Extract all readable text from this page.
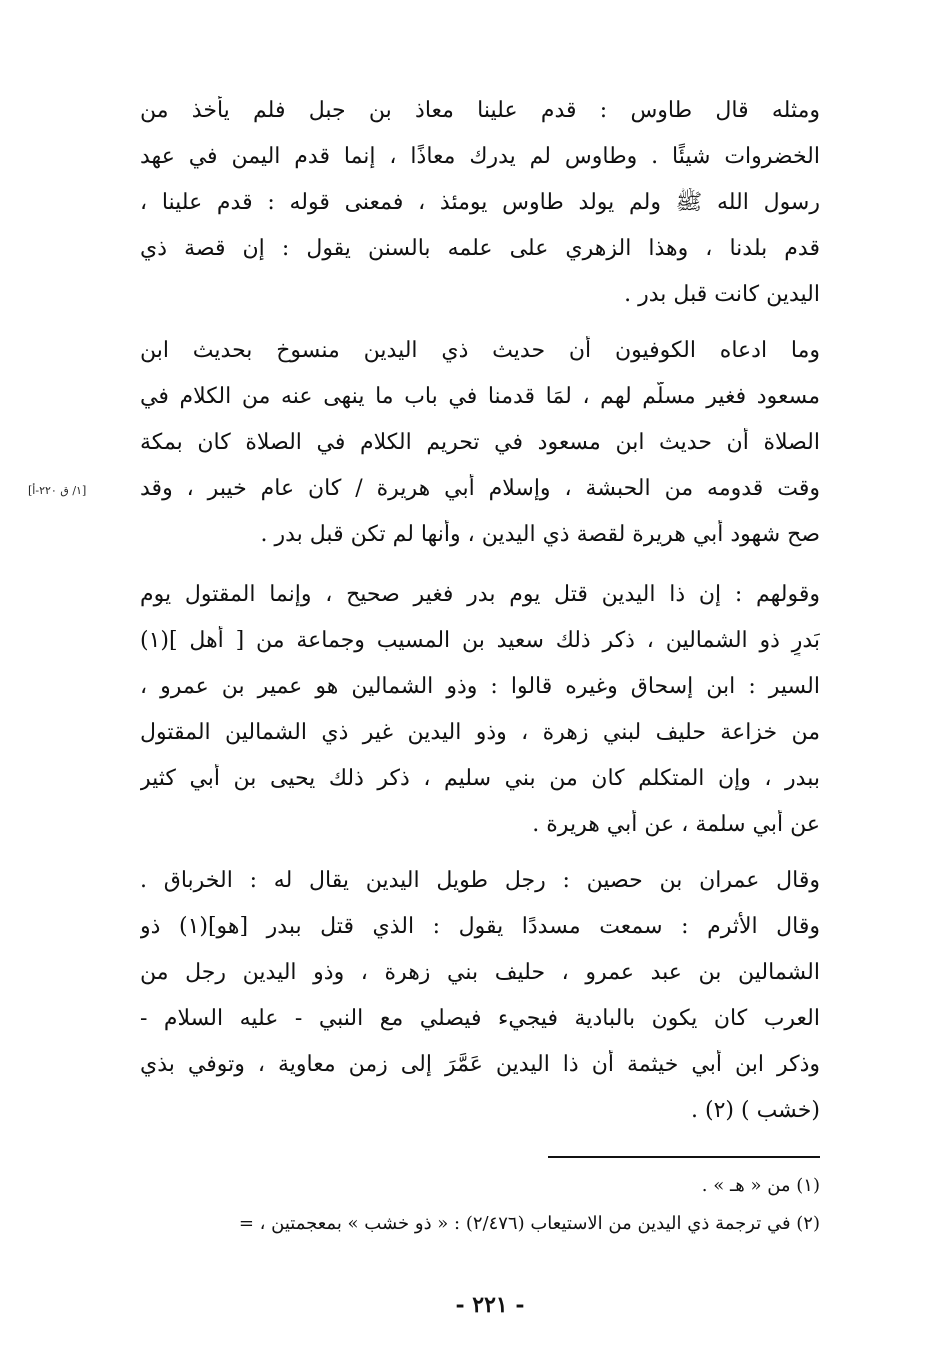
ومثله قال طاوس : قدم علينا معاذ بن جبل فلم يأخذ من
الخضروات شيئًا . وطاوس لم يدرك معاذًا ، إنما قدم اليمن في عهد
رسول الله ﷺ ولم يولد طاوس يومئذ ، فمعنى قوله : قدم علينا ،
قدم بلدنا ، وهذا الزهري على علمه بالسنن يقول : إن قصة ذي
اليدين كانت قبل بدر .
وما ادعاه الكوفيون أن حديث ذي اليدين منسوخ بحديث ابن
مسعود فغير مسلَّم لهم ، لمَا قدمنا في باب ما ينهى عنه من الكلام في
الصلاة أن حديث ابن مسعود في تحريم الكلام في الصلاة كان بمكة
وقت قدومه من الحبشة ، وإسلام أبي هريرة / كان عام خيبر ، وقد
صح شهود أبي هريرة لقصة ذي اليدين ، وأنها لم تكن قبل بدر .
[١/ ق ٢٢٠-أ]
وقولهم : إن ذا اليدين قتل يوم بدر فغير صحيح ، وإنما المقتول يوم
بَدرٍ ذو الشمالين ، ذكر ذلك سعيد بن المسيب وجماعة من [ أهل ](١)
السير : ابن إسحاق وغيره قالوا : وذو الشمالين هو عمير بن عمرو ،
من خزاعة حليف لبني زهرة ، وذو اليدين غير ذي الشمالين المقتول
ببدر ، وإن المتكلم كان من بني سليم ، ذكر ذلك يحيى بن أبي كثير
عن أبي سلمة ، عن أبي هريرة .
وقال عمران بن حصين : رجل طويل اليدين يقال له : الخرباق .
وقال الأثرم : سمعت مسددًا يقول : الذي قتل ببدر [هو](١) ذو
الشمالين بن عبد عمرو ، حليف بني زهرة ، وذو اليدين رجل من
العرب كان يكون بالبادية فيجيء فيصلي مع النبي - عليه السلام -
وذكر ابن أبي خيثمة أن ذا اليدين عَمَّرَ إلى زمن معاوية ، وتوفي بذي
(خشب ) (٢) .
(١) من « هـ » .
(٢) في ترجمة ذي اليدين من الاستيعاب (٢/٤٧٦) : « ذو خشب » بمعجمتين ، =
- ٢٢١ -
